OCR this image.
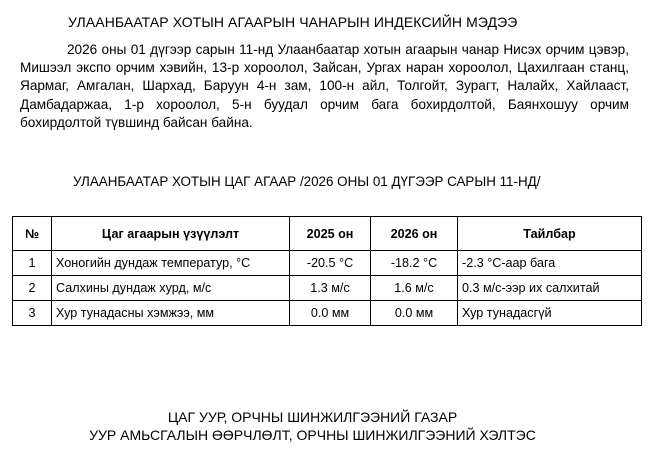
УЛААНБААТАР ХОТЫН АГААРЫН ЧАНАРЫН ИНДЕКСИЙН МЭДЭЭ

2026 оны 01 дүгээр сарын 11-нд Улаанбаатар хотын агаарын чанар Нисэх орчим цэвэр, Мишээл экспо орчим хэвийн, 13-р хороолол, Зайсан, Ургах наран хороолол, Цахилгаан станц, Яармаг, Амгалан, Шархад, Баруун 4-н зам, 100-н айл, Толгойт, Зурагт, Налайх, Хайлааст, Дамбадаржаа, 1-р хороолол, 5-н буудал орчим бага бохирдолтой, Баянхошуу орчим бохирдолтой түвшинд байсан байна.

УЛААНБААТАР ХОТЫН ЦАГ АГААР /2026 ОНЫ 01 ДҮГЭЭР САРЫН 11-НД/
№	Цаг агаарын үзүүлэлт	2025 он	2026 он	Тайлбар
1	Хоногийн дундаж температур, °C	-20.5 °C	-18.2 °C	-2.3 °C-аар бага
2	Салхины дундаж хурд, м/с	1.3 м/с	1.6 м/с	0.3 м/с-ээр их салхитай
3	Хур тунадасны хэмжээ, мм	0.0 мм	0.0 мм	Хур тунадасгүй
ЦАГ УУР, ОРЧНЫ ШИНЖИЛГЭЭНИЙ ГАЗАР
УУР АМЬСГАЛЫН ӨӨРЧЛӨЛТ, ОРЧНЫ ШИНЖИЛГЭЭНИЙ ХЭЛТЭС
